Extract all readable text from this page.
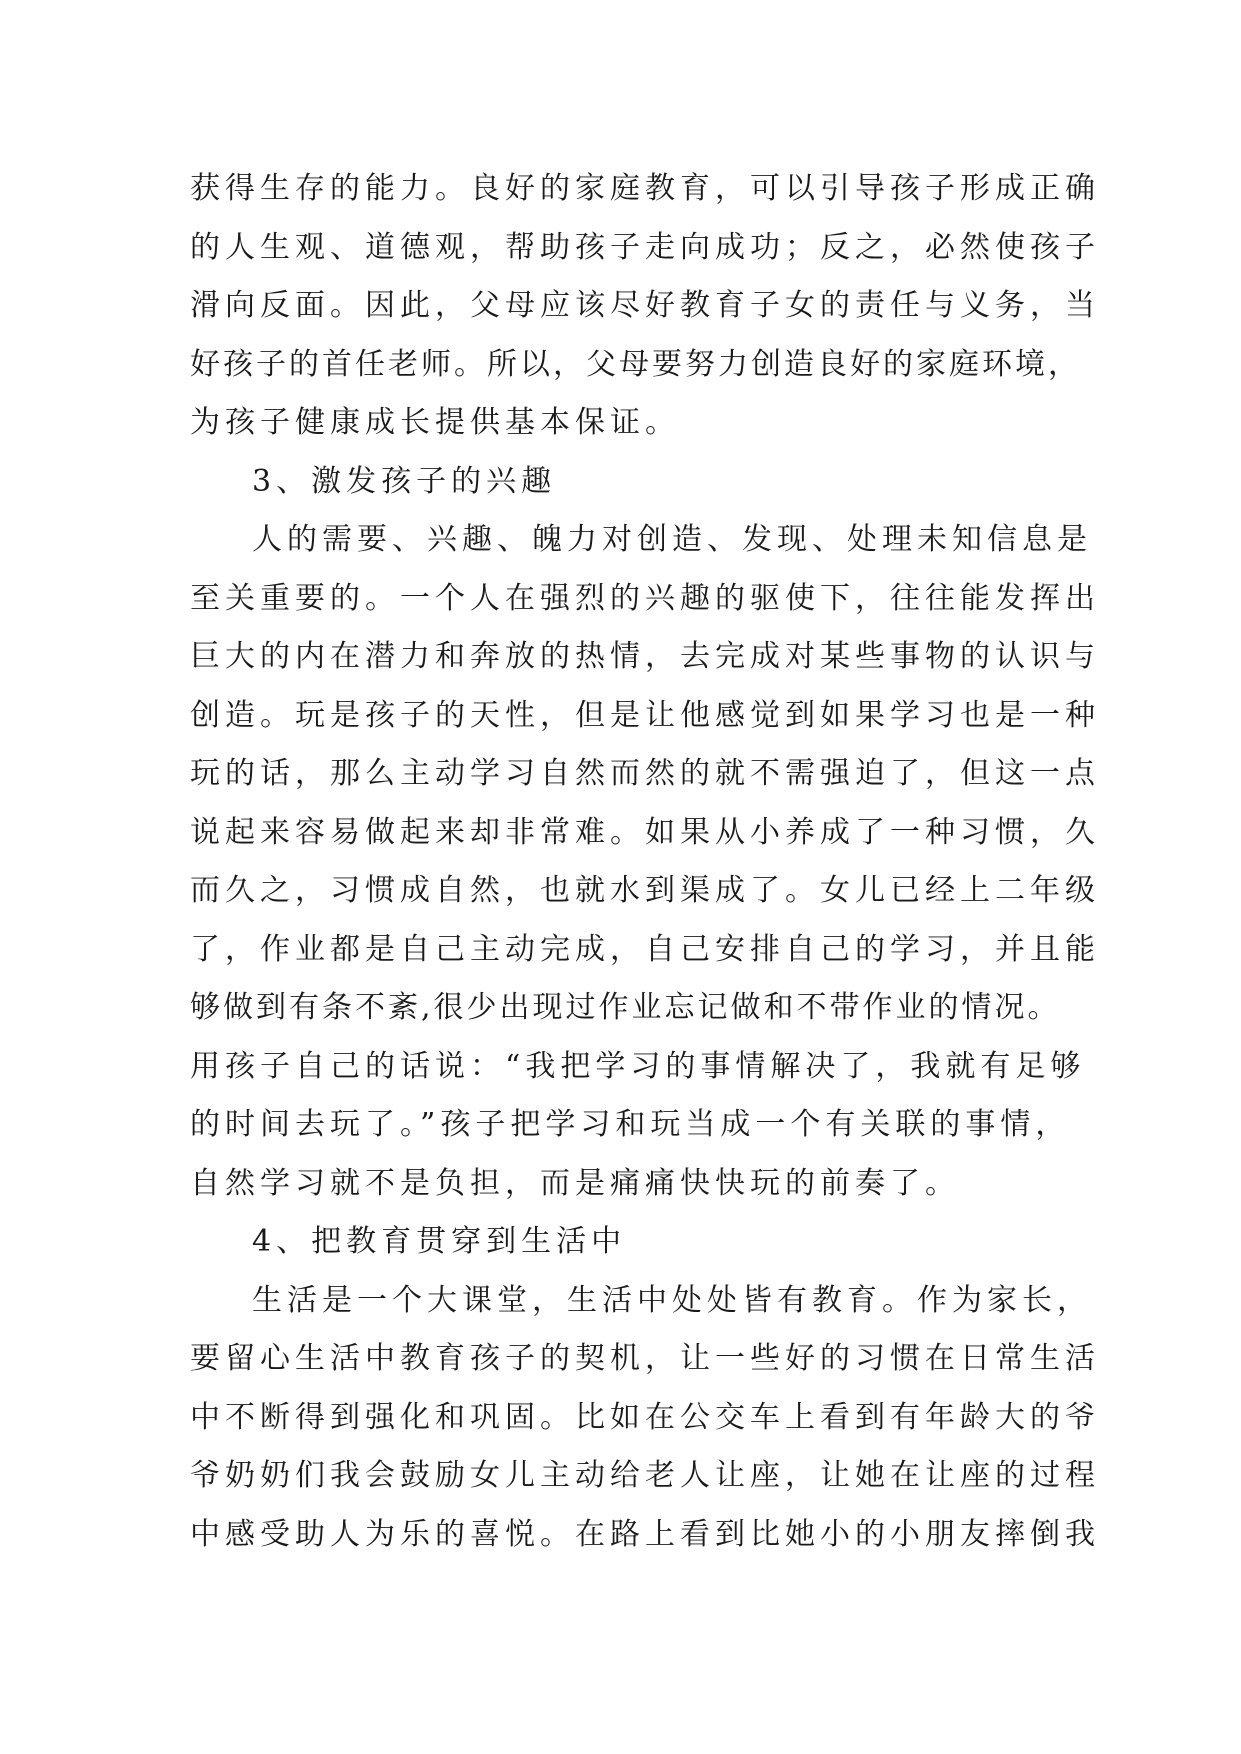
获得生存的能力。良好的家庭教育，可以引导孩子形成正确
的人生观、道德观，帮助孩子走向成功；反之，必然使孩子
滑向反面。因此，父母应该尽好教育子女的责任与义务，当
好孩子的首任老师。所以，父母要努力创造良好的家庭环境，
为孩子健康成长提供基本保证。
3、激发孩子的兴趣
人的需要、兴趣、魄力对创造、发现、处理未知信息是
至关重要的。一个人在强烈的兴趣的驱使下，往往能发挥出
巨大的内在潜力和奔放的热情，去完成对某些事物的认识与
创造。玩是孩子的天性，但是让他感觉到如果学习也是一种
玩的话，那么主动学习自然而然的就不需强迫了，但这一点
说起来容易做起来却非常难。如果从小养成了一种习惯，久
而久之，习惯成自然，也就水到渠成了。女儿已经上二年级
了，作业都是自己主动完成，自己安排自己的学习，并且能
够做到有条不紊,很少出现过作业忘记做和不带作业的情况。
用孩子自己的话说：“我把学习的事情解决了，我就有足够
的时间去玩了。”孩子把学习和玩当成一个有关联的事情，
自然学习就不是负担，而是痛痛快快玩的前奏了。
4、把教育贯穿到生活中
生活是一个大课堂，生活中处处皆有教育。作为家长，
要留心生活中教育孩子的契机，让一些好的习惯在日常生活
中不断得到强化和巩固。比如在公交车上看到有年龄大的爷
爷奶奶们我会鼓励女儿主动给老人让座，让她在让座的过程
中感受助人为乐的喜悦。在路上看到比她小的小朋友摔倒我
